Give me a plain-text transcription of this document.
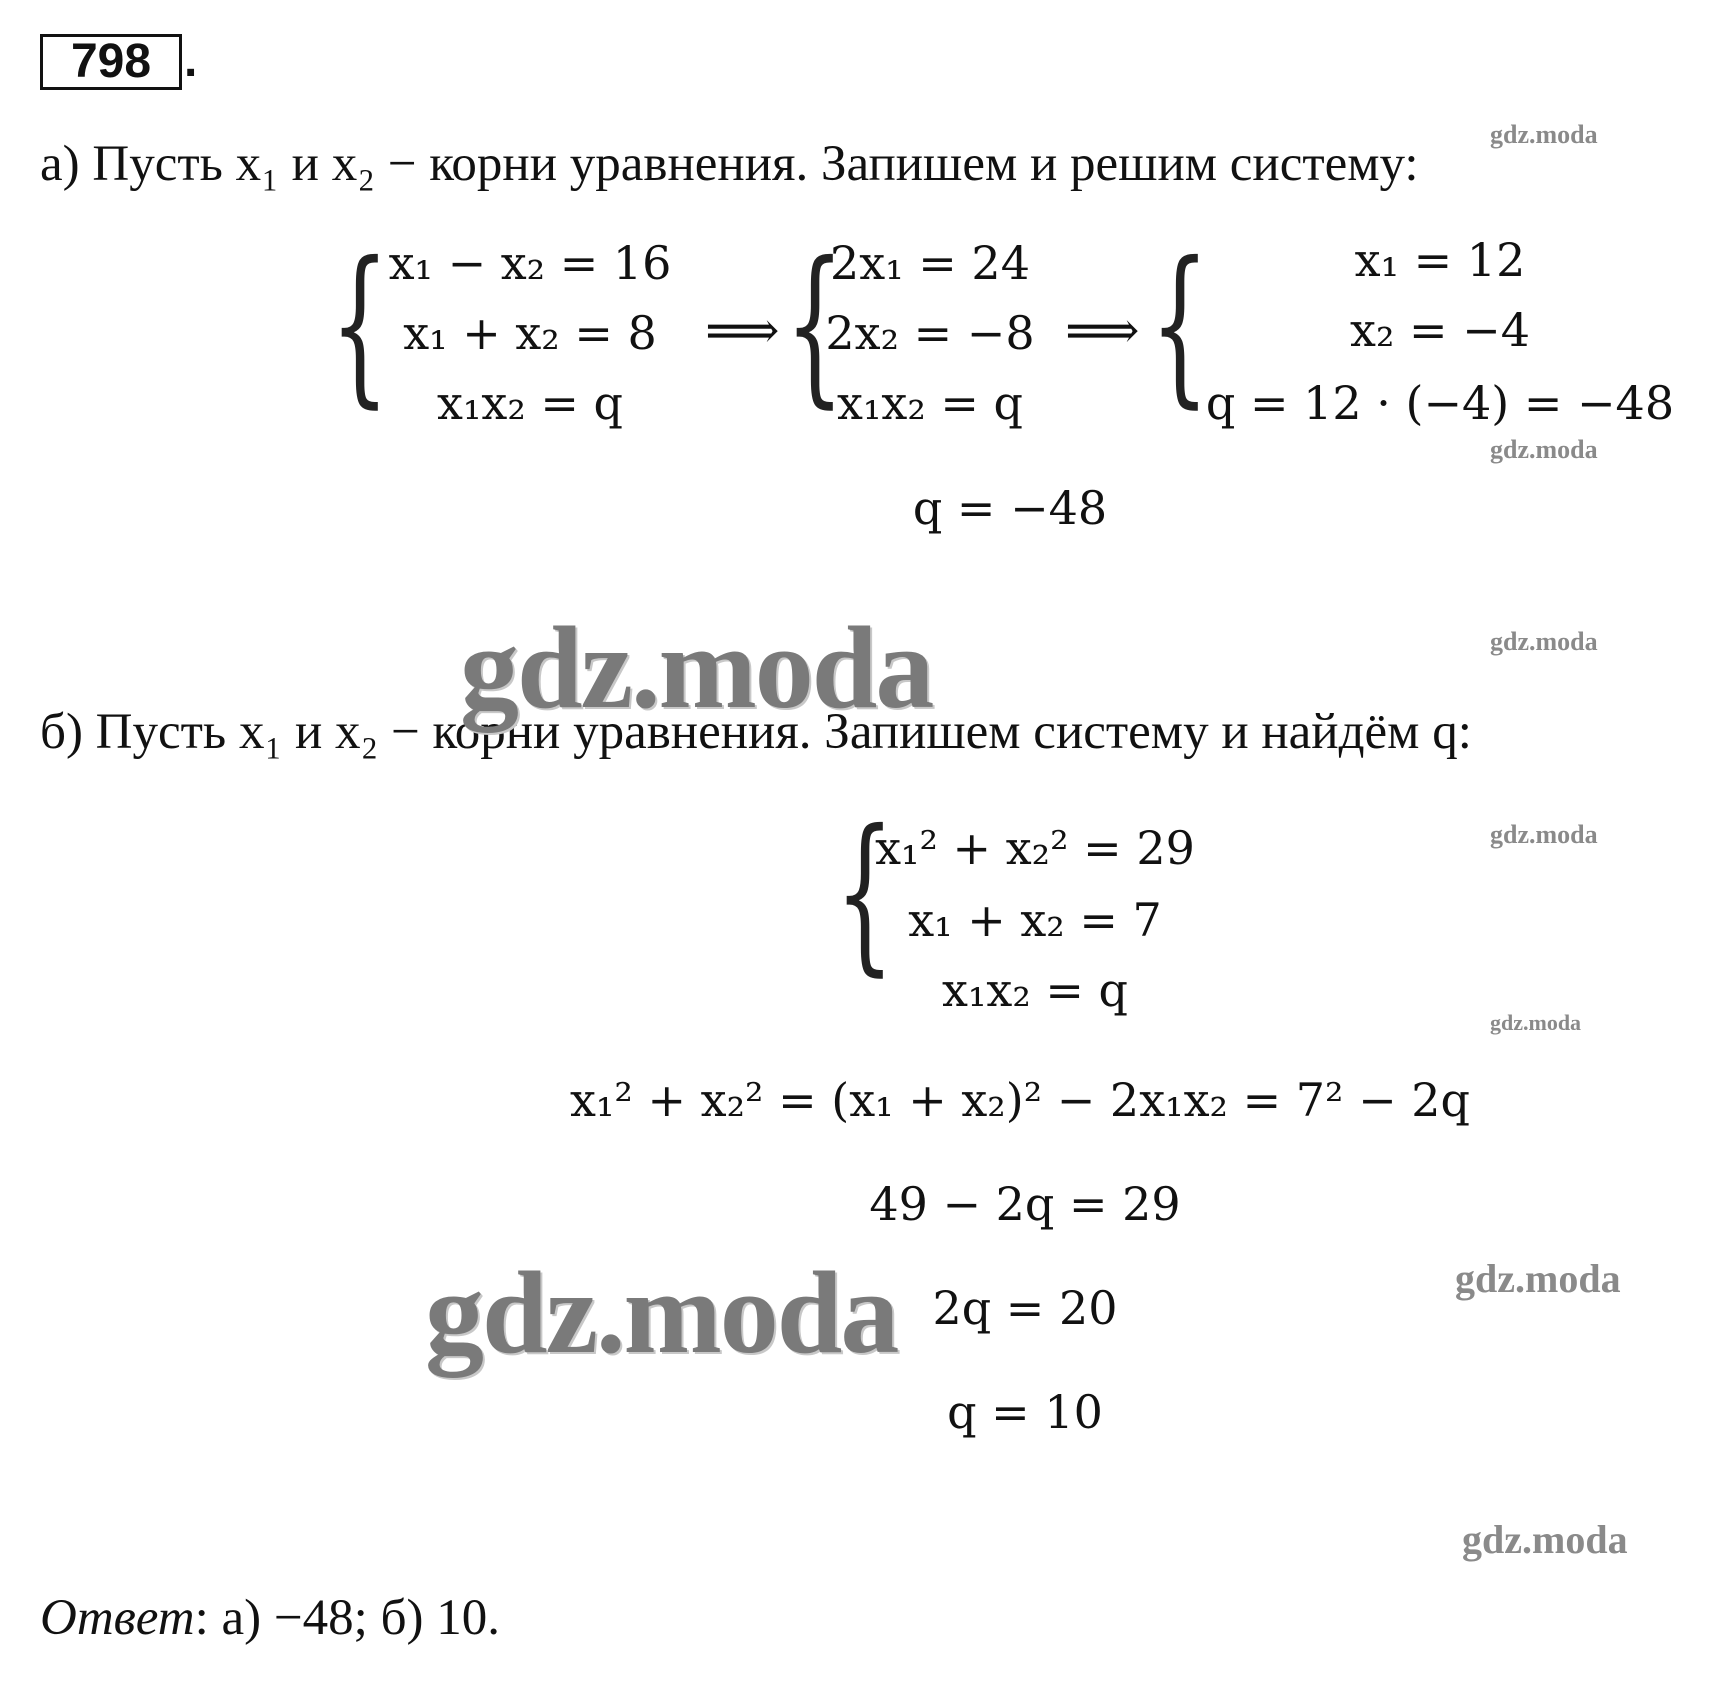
798 .
а) Пусть x₁ и x₂ − корни уравнения. Запишем и решим систему:
{ x₁ − x₂ = 16
x₁ + x₂ = 8
x₁x₂ = q
⟹ {
2x₁ = 24
2x₂ = −8
x₁x₂ = q
⟹ {	x₁ = 12
x₂ = −4
q = 12 · (−4) = −48
q = −48
б) Пусть x₁ и x₂ − корни уравнения. Запишем систему и найдём q:
{
x₁² + x₂² = 29
x₁ + x₂ = 7
x₁x₂ = q
x₁² + x₂² = (x₁ + x₂)² − 2x₁x₂ = 7² − 2q
49 − 2q = 29
2q = 20
q = 10
Ответ: а) −48; б) 10.
gdz.moda
gdz.moda
gdz.moda	gdz.moda
gdz.moda
gdz.moda
gdz.moda
gdz.moda
gdz.moda
